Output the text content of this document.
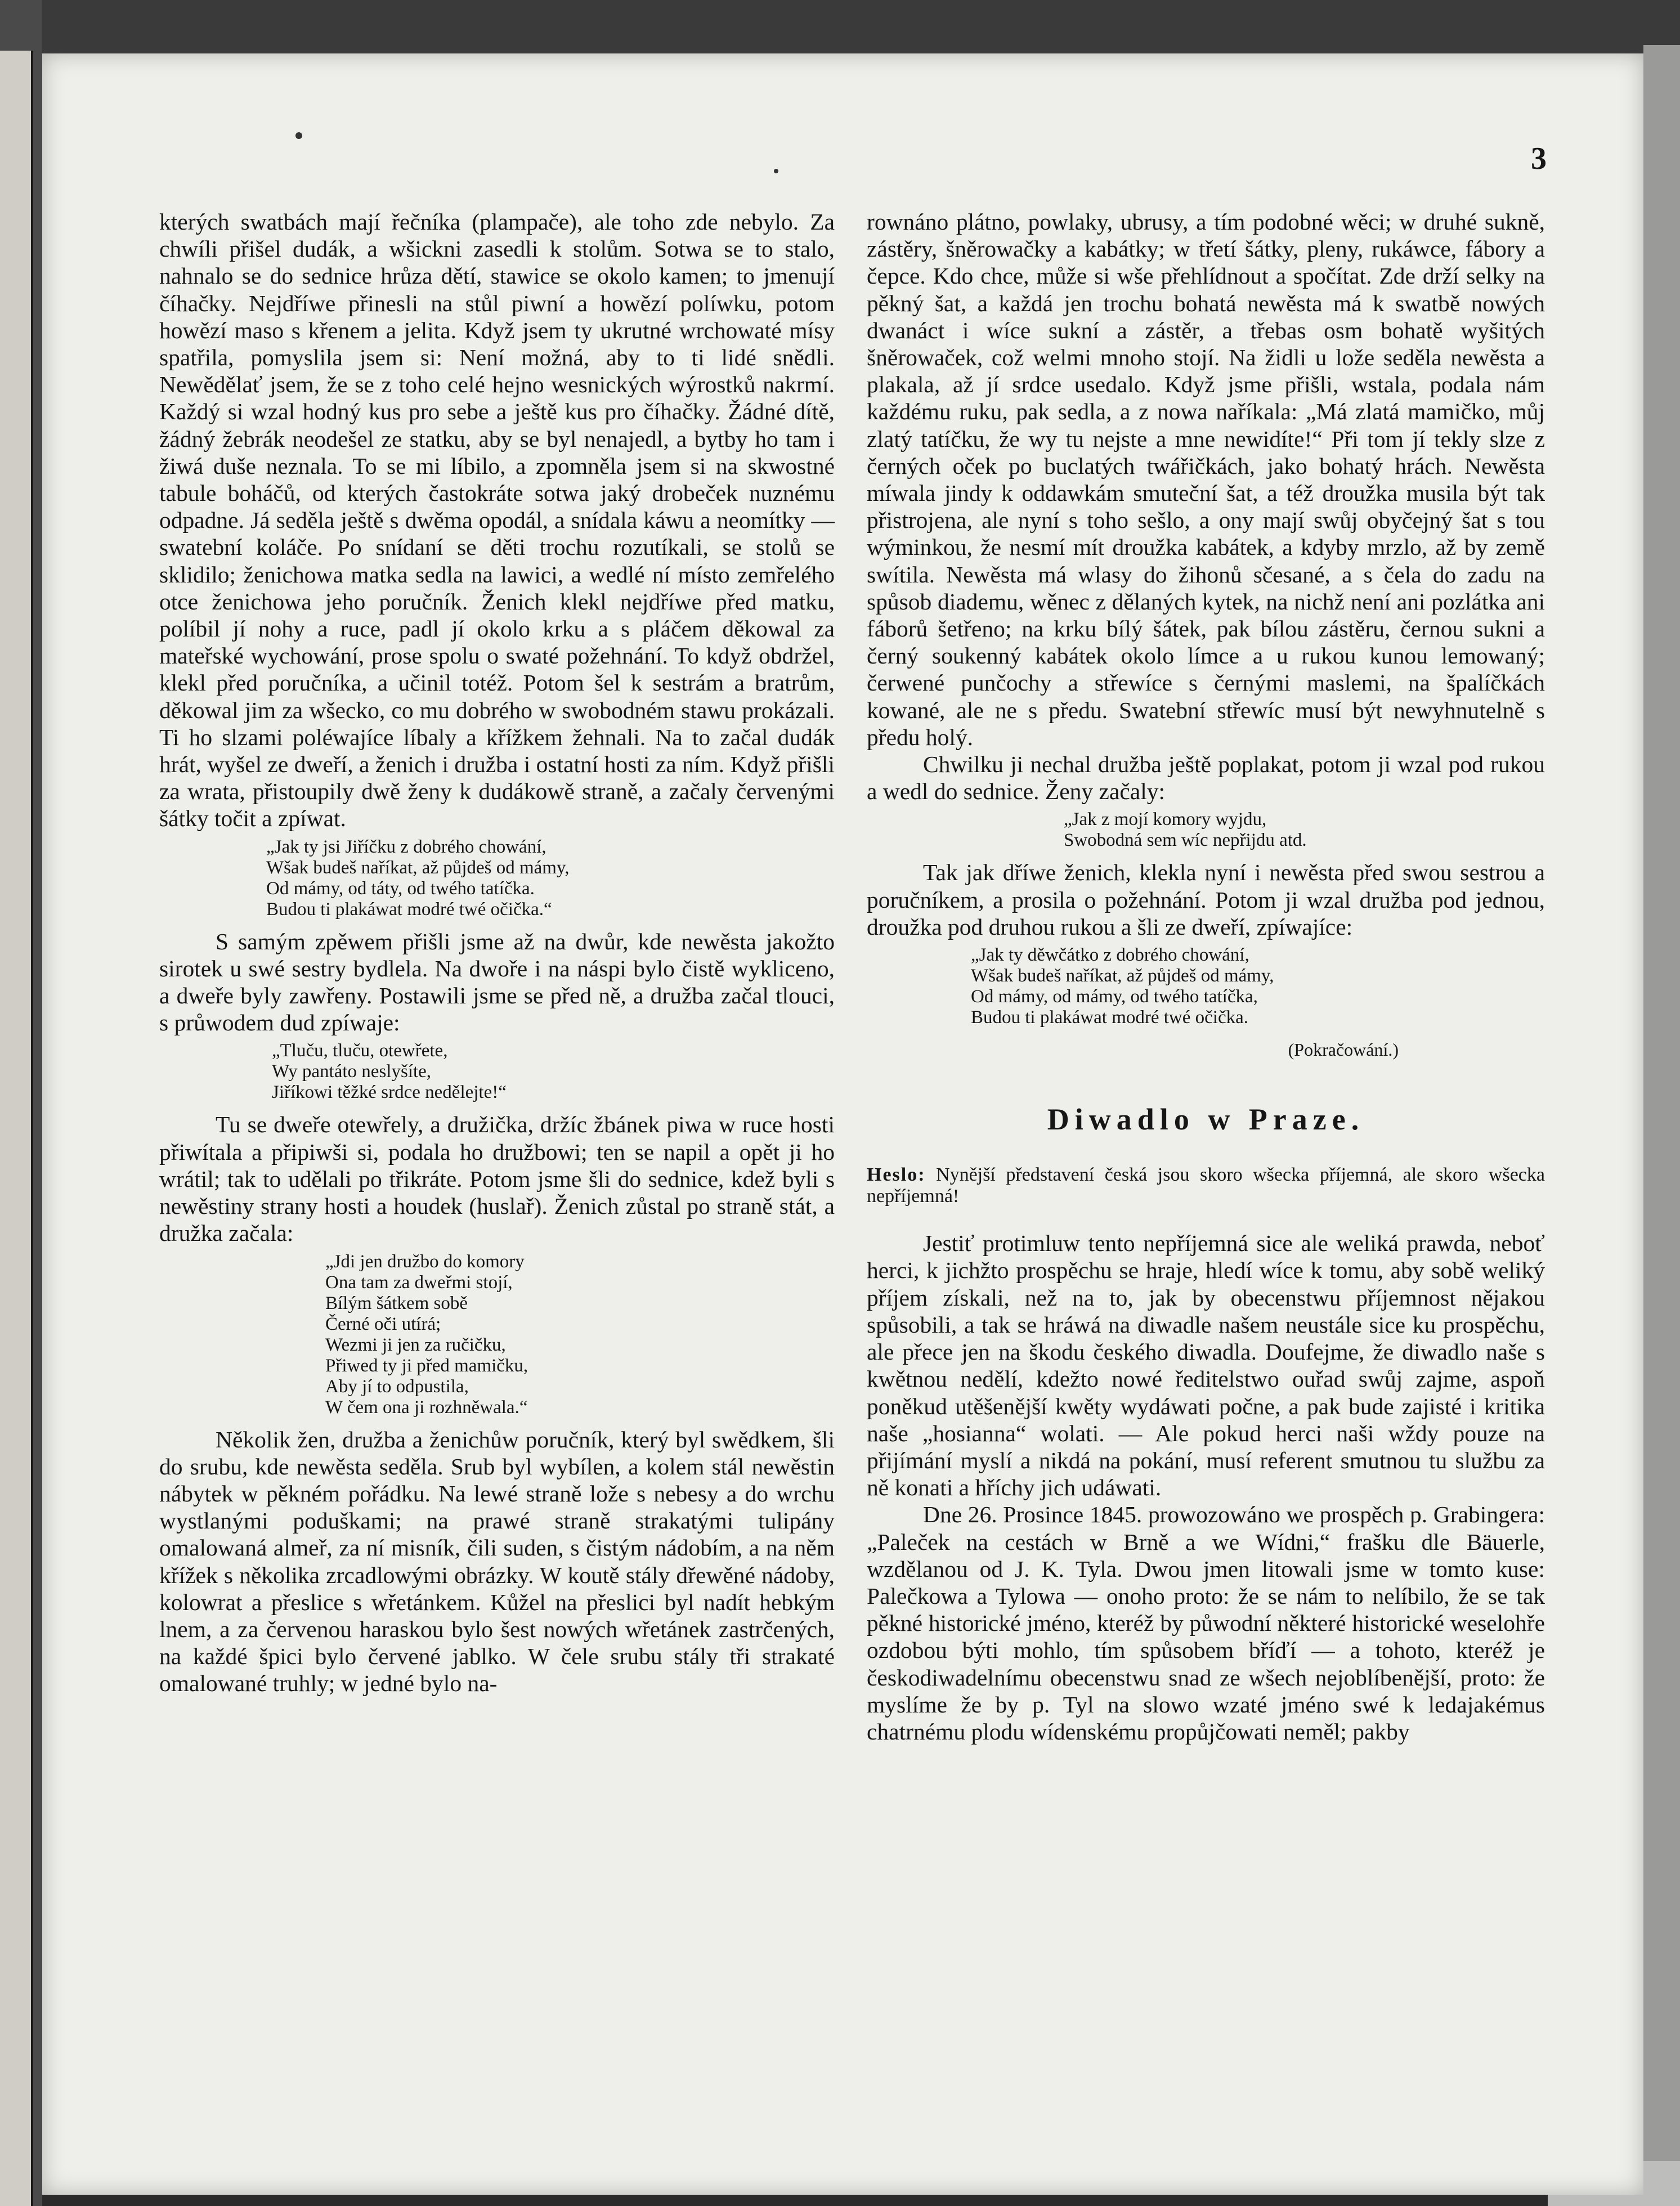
3

kterých swatbách mají řečníka (plampače), ale toho zde nebylo. Za chwíli přišel dudák, a wšickni zasedli k stolům. Sotwa se to stalo, nahnalo se do sednice hrůza dětí, stawice se okolo kamen; to jmenují číhačky. Nejdříwe přinesli na stůl piwní a howězí políwku, potom howězí maso s křenem a jelita. Když jsem ty ukrutné wrchowaté mísy spatřila, pomyslila jsem si: Není možná, aby to ti lidé snědli. Newědělať jsem, že se z toho celé hejno wesnických wýrostků nakrmí. Každý si wzal hodný kus pro sebe a ještě kus pro číhačky. Žádné dítě, žádný žebrák neodešel ze statku, aby se byl nenajedl, a bytby ho tam i žiwá duše neznala. To se mi líbilo, a zpomněla jsem si na skwostné tabule boháčů, od kterých častokráte sotwa jaký drobeček nuznému odpadne. Já seděla ještě s dwěma opodál, a snídala káwu a neomítky — swatební koláče. Po snídaní se děti trochu rozutíkali, se stolů se sklidilo; ženichowa matka sedla na lawici, a wedlé ní místo zemřelého otce ženichowa jeho poručník. Ženich klekl nejdříwe před matku, políbil jí nohy a ruce, padl jí okolo krku a s pláčem děkowal za mateřské wychowání, prose spolu o swaté požehnání. To když obdržel, klekl před poručníka, a učinil totéž. Potom šel k sestrám a bratrům, děkowal jim za wšecko, co mu dobrého w swobodném stawu prokázali. Ti ho slzami poléwajíce líbaly a křížkem žehnali. Na to začal dudák hrát, wyšel ze dweří, a ženich i družba i ostatní hosti za ním. Když přišli za wrata, přistoupily dwě ženy k dudákowě straně, a začaly červenými šátky točit a zpíwat.

„Jak ty jsi Jiříčku z dobrého chowání,
Wšak budeš naříkat, až půjdeš od mámy,
Od mámy, od táty, od twého tatíčka.
Budou ti plakáwat modré twé očička.“

S samým zpěwem přišli jsme až na dwůr, kde newěsta jakožto sirotek u swé sestry bydlela. Na dwoře i na náspi bylo čistě wykliceno, a dweře byly zawřeny. Postawili jsme se před ně, a družba začal tlouci, s průwodem dud zpíwaje:

„Tluču, tluču, otewřete,
Wy pantáto neslyšíte,
Jiříkowi těžké srdce nedělejte!“

Tu se dweře otewřely, a družička, držíc žbánek piwa w ruce hosti přiwítala a připiwši si, podala ho družbowi; ten se napil a opět ji ho wrátil; tak to udělali po třikráte. Potom jsme šli do sednice, kdež byli s newěstiny strany hosti a houdek (huslař). Ženich zůstal po straně stát, a družka začala:

„Jdi jen družbo do komory
Ona tam za dweřmi stojí,
Bílým šátkem sobě
Černé oči utírá;
Wezmi ji jen za ručičku,
Přiwed ty ji před mamičku,
Aby jí to odpustila,
W čem ona ji rozhněwala.“

Několik žen, družba a ženichůw poručník, který byl swědkem, šli do srubu, kde newěsta seděla. Srub byl wybílen, a kolem stál newěstin nábytek w pěkném pořádku. Na lewé straně lože s nebesy a do wrchu wystlanými poduškami; na prawé straně strakatými tulipány omalowaná almeř, za ní misník, čili suden, s čistým nádobím, a na něm křížek s několika zrcadlowými obrázky. W koutě stály dřewěné nádoby, kolowrat a přeslice s wřetánkem. Kůžel na přeslici byl nadít hebkým lnem, a za červenou haraskou bylo šest nowých wřetánek zastrčených, na každé špici bylo červené jablko. W čele srubu stály tři strakaté omalowané truhly; w jedné bylo na-

rownáno plátno, powlaky, ubrusy, a tím podobné wěci; w druhé sukně, zástěry, šněrowačky a kabátky; w třetí šátky, pleny, rukáwce, fábory a čepce. Kdo chce, může si wše přehlídnout a spočítat. Zde drží selky na pěkný šat, a každá jen trochu bohatá newěsta má k swatbě nowých dwanáct i wíce sukní a zástěr, a třebas osm bohatě wyšitých šněrowaček, což welmi mnoho stojí. Na židli u lože seděla newěsta a plakala, až jí srdce usedalo. Když jsme přišli, wstala, podala nám každému ruku, pak sedla, a z nowa naříkala: „Má zlatá mamičko, můj zlatý tatíčku, že wy tu nejste a mne newidíte!“ Při tom jí tekly slze z černých oček po buclatých twářičkách, jako bohatý hrách. Newěsta míwala jindy k oddawkám smuteční šat, a též droužka musila být tak přistrojena, ale nyní s toho sešlo, a ony mají swůj obyčejný šat s tou wýminkou, že nesmí mít droužka kabátek, a kdyby mrzlo, až by země swítila. Newěsta má wlasy do žihonů sčesané, a s čela do zadu na spůsob diademu, wěnec z dělaných kytek, na nichž není ani pozlátka ani fáborů šetřeno; na krku bílý šátek, pak bílou zástěru, černou sukni a černý soukenný kabátek okolo límce a u rukou kunou lemowaný; čerwené punčochy a střewíce s černými maslemi, na špalíčkách kowané, ale ne s předu. Swatební střewíc musí být newyhnutelně s předu holý.

Chwilku ji nechal družba ještě poplakat, potom ji wzal pod rukou a wedl do sednice. Ženy začaly:

„Jak z mojí komory wyjdu,
Swobodná sem wíc nepřijdu atd.

Tak jak dříwe ženich, klekla nyní i newěsta před swou sestrou a poručníkem, a prosila o požehnání. Potom ji wzal družba pod jednou, droužka pod druhou rukou a šli ze dweří, zpíwajíce:

„Jak ty děwčátko z dobrého chowání,
Wšak budeš naříkat, až půjdeš od mámy,
Od mámy, od mámy, od twého tatíčka,
Budou ti plakáwat modré twé očička.
(Pokračowání.)
Diwadlo w Praze.
Heslo: Nynější představení česká jsou skoro wšecka příjemná, ale skoro wšecka nepříjemná!

Jestiť protimluw tento nepříjemná sice ale weliká prawda, neboť herci, k jichžto prospěchu se hraje, hledí wíce k tomu, aby sobě weliký příjem získali, než na to, jak by obecenstwu příjemnost nějakou spůsobili, a tak se hráwá na diwadle našem neustále sice ku prospěchu, ale přece jen na škodu českého diwadla. Doufejme, že diwadlo naše s kwětnou nedělí, kdežto nowé ředitelstwo ouřad swůj zajme, aspoň poněkud utěšenější kwěty wydáwati počne, a pak bude zajisté i kritika naše „hosianna“ wolati. — Ale pokud herci naši wždy pouze na přijímání myslí a nikdá na pokání, musí referent smutnou tu službu za ně konati a hříchy jich udáwati.

Dne 26. Prosince 1845. prowozowáno we prospěch p. Grabingera: „Paleček na cestách w Brně a we Wídni,“ frašku dle Bäuerle, wzdělanou od J. K. Tyla. Dwou jmen litowali jsme w tomto kuse: Palečkowa a Tylowa — onoho proto: že se nám to nelíbilo, že se tak pěkné historické jméno, kteréž by půwodní některé historické weselohře ozdobou býti mohlo, tím spůsobem bříďí — a tohoto, kteréž je českodiwadelnímu obecenstwu snad ze wšech nejoblíbenější, proto: že myslíme že by p. Tyl na slowo wzaté jméno swé k ledajakémus chatrnému plodu wídenskému propůjčowati neměl; pakby
